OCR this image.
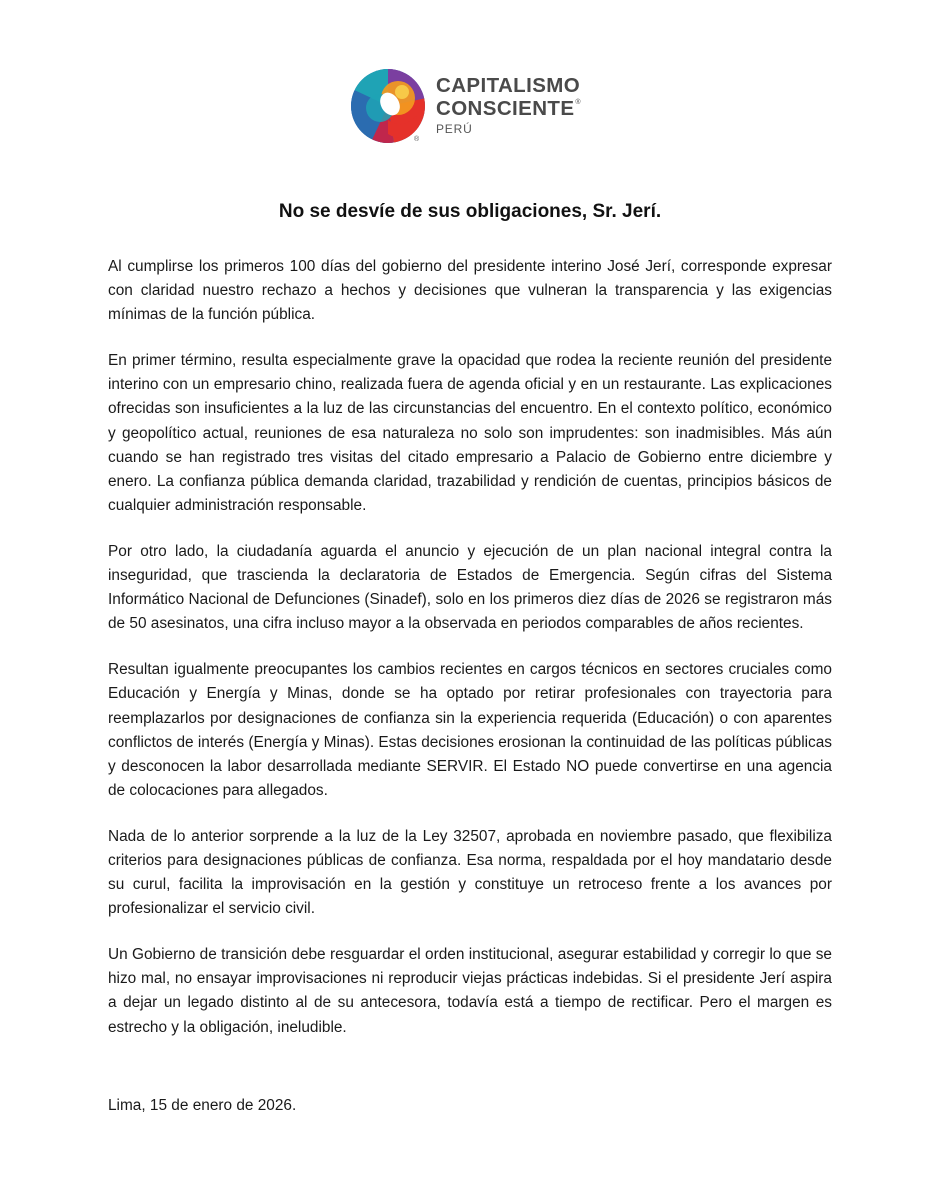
®
CAPITALISMO
CONSCIENTE®
PERÚ
No se desvíe de sus obligaciones, Sr. Jerí.

Al cumplirse los primeros 100 días del gobierno del presidente interino José Jerí, corresponde expresar con claridad nuestro rechazo a hechos y decisiones que vulneran la transparencia y las exigencias mínimas de la función pública.

En primer término, resulta especialmente grave la opacidad que rodea la reciente reunión del presidente interino con un empresario chino, realizada fuera de agenda oficial y en un restaurante. Las explicaciones ofrecidas son insuficientes a la luz de las circunstancias del encuentro. En el contexto político, económico y geopolítico actual, reuniones de esa naturaleza no solo son imprudentes: son inadmisibles. Más aún cuando se han registrado tres visitas del citado empresario a Palacio de Gobierno entre diciembre y enero. La confianza pública demanda claridad, trazabilidad y rendición de cuentas, principios básicos de cualquier administración responsable.

Por otro lado, la ciudadanía aguarda el anuncio y ejecución de un plan nacional integral contra la inseguridad, que trascienda la declaratoria de Estados de Emergencia. Según cifras del Sistema Informático Nacional de Defunciones (Sinadef), solo en los primeros diez días de 2026 se registraron más de 50 asesinatos, una cifra incluso mayor a la observada en periodos comparables de años recientes.

Resultan igualmente preocupantes los cambios recientes en cargos técnicos en sectores cruciales como Educación y Energía y Minas, donde se ha optado por retirar profesionales con trayectoria para reemplazarlos por designaciones de confianza sin la experiencia requerida (Educación) o con aparentes conflictos de interés (Energía y Minas). Estas decisiones erosionan la continuidad de las políticas públicas y desconocen la labor desarrollada mediante SERVIR. El Estado NO puede convertirse en una agencia de colocaciones para allegados.

Nada de lo anterior sorprende a la luz de la Ley 32507, aprobada en noviembre pasado, que flexibiliza criterios para designaciones públicas de confianza. Esa norma, respaldada por el hoy mandatario desde su curul, facilita la improvisación en la gestión y constituye un retroceso frente a los avances por profesionalizar el servicio civil.

Un Gobierno de transición debe resguardar el orden institucional, asegurar estabilidad y corregir lo que se hizo mal, no ensayar improvisaciones ni reproducir viejas prácticas indebidas. Si el presidente Jerí aspira a dejar un legado distinto al de su antecesora, todavía está a tiempo de rectificar. Pero el margen es estrecho y la obligación, ineludible.

Lima, 15 de enero de 2026.
